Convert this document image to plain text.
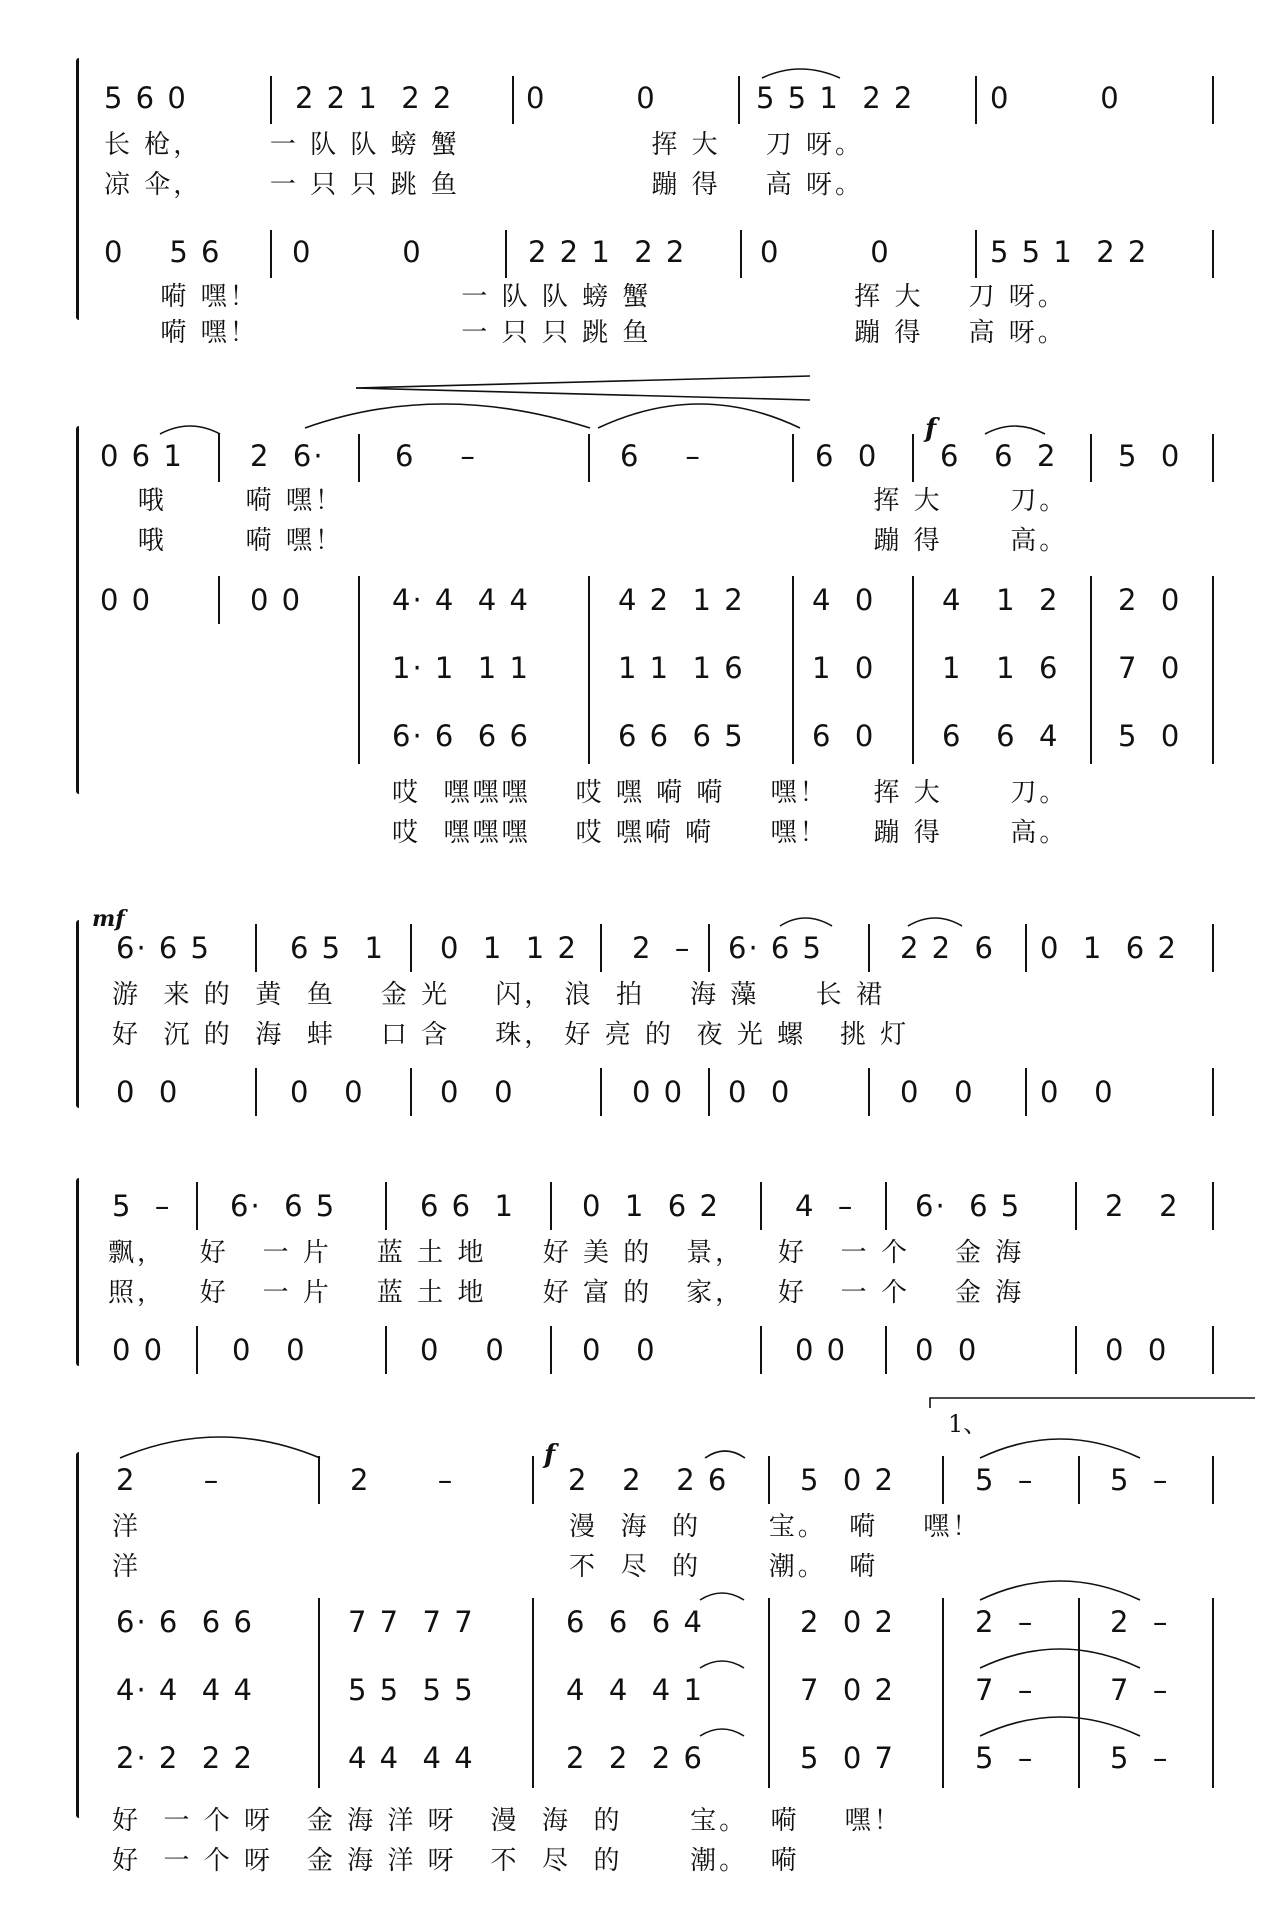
5 6 0	2 2 1  2 2	0        0	5 5 1  2 2	0        0
长 枪，      一 队 队 螃 蟹                 挥 大    刀 呀。
凉 伞，      一 只 只 跳 鱼                 蹦 得    高 呀。
0    5 6 0        0	2 2 1  2 2	0        0	5 5 1  2 2
嗬 嘿！                  一 队 队 螃 蟹                  挥 大    刀 呀。
嗬 嘿！                  一 只 只 跳 鱼                  蹦 得    高 呀。
f
0 6 1 2  6· 6    –	6    –	6  0 6   6  2 5  0
哦       嗬 嘿！                                               挥 大      刀。
哦       嗬 嘿！                                               蹦 得      高。
0 0	0 0	4· 4  4 4	4 2  1 2 4  0 4   1  2 2  0
1· 1  1 1	1 1  1 6 1  0 1   1  6 7  0
6· 6  6 6	6 6  6 5 6  0 6   6  4 5  0
哎  嘿嘿嘿    哎 嘿 嗬 嗬    嘿！    挥 大      刀。
哎  嘿嘿嘿    哎 嘿嗬 嗬     嘿！    蹦 得      高。
mf
6· 6 5	6 5  1 0  1  1 2 2  – 6· 6 5	2 2  6 0  1  6 2
游  来 的  黄  鱼    金 光    闪， 浪  拍    海 藻     长 裙
好  沉 的  海  蚌    口 含    珠， 好 亮 的  夜 光 螺   挑 灯
0  0	0   0	0   0	0 0 0  0	0   0 0   0
5  – 6·  6 5	6 6  1 0  1  6 2	4  – 6·  6 5	2   2
飘，   好   一 片    蓝 土 地     好 美 的   景，   好   一 个    金 海
照，   好   一 片    蓝 土 地     好 富 的   家，   好   一 个    金 海
0 0 0   0	0    0	0   0	0 0 0  0	0  0
f
1、
2      –	2      –	2   2   2 6 5  0 2	5  –	5  –
洋                                      漫  海  的      宝。  嗬    嘿！
洋                                      不  尽  的      潮。  嗬
6· 6  6 6	7 7  7 7	6  6  6 4	2  0 2	2  –	2  –
4· 4  4 4	5 5  5 5	4  4  4 1	7  0 2	7  –	7  –
2· 2  2 2	4 4  4 4	2  2  2 6	5  0 7	5  –	5  –
好  一 个 呀   金 海 洋 呀   漫  海  的      宝。  嗬    嘿！
好  一 个 呀   金 海 洋 呀   不  尽  的      潮。  嗬
